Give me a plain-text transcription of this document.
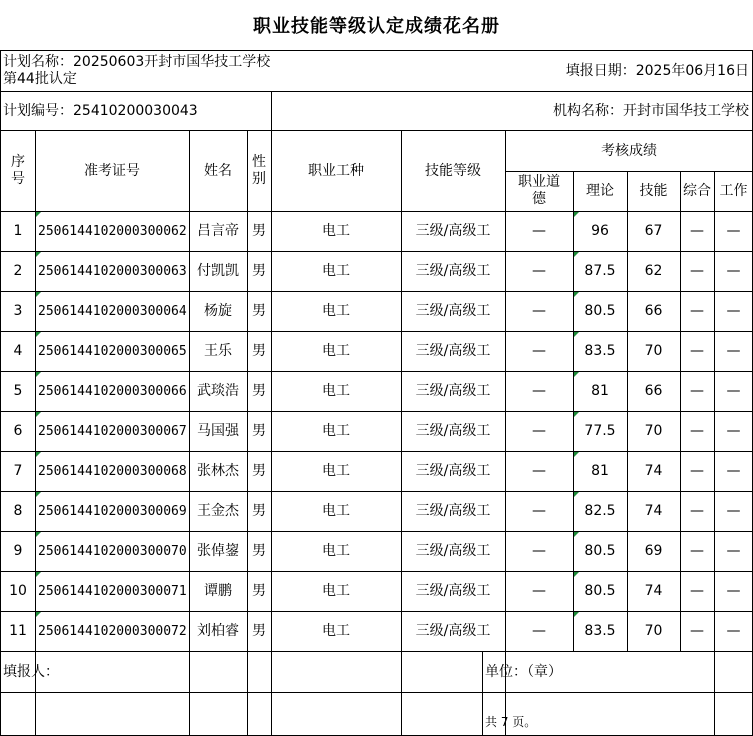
职业技能等级认定成绩花名册
计划名称：20250603开封市国华技工学校第44批认定
填报日期：2025年06月16日
计划编号：25410200030043	机构名称：开封市国华技工学校
序号
准考证号	姓名
性别
职业工种	技能等级
考核成绩
职业道德
理论	技能	综合 工作
1	2506144102000300062 吕言帝 男	电工	三级/高级工	—	96	67	—	—
2	2506144102000300063 付凯凯 男	电工	三级/高级工	—	87.5	62	—	—
3	2506144102000300064	杨旋	男	电工	三级/高级工	—	80.5	66	—	—
4	2506144102000300065	王乐	男	电工	三级/高级工	—	83.5	70	—	—
5	2506144102000300066 武琰浩 男	电工	三级/高级工	—	81	66	—	—
6	2506144102000300067 马国强 男	电工	三级/高级工	—	77.5	70	—	—
7	2506144102000300068 张林杰 男	电工	三级/高级工	—	81	74	—	—
8	2506144102000300069 王金杰 男	电工	三级/高级工	—	82.5	74	—	—
9	2506144102000300070 张倬鋆 男	电工	三级/高级工	—	80.5	69	—	—
10 2506144102000300071	谭鹏	男	电工	三级/高级工	—	80.5	74	—	—
11 2506144102000300072 刘柏睿 男	电工	三级/高级工	—	83.5	70	—	—
填报人：	单位：（章）
共 7 页。
